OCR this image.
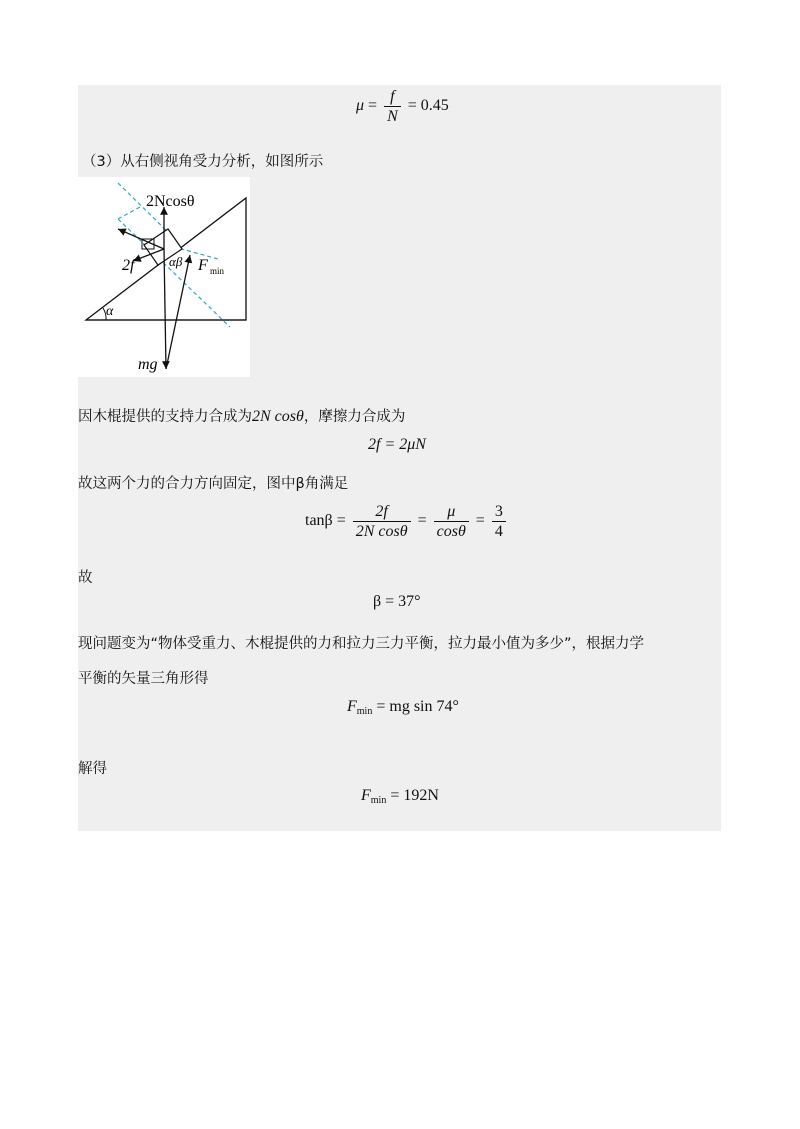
$\mu = \frac{f}{N} = 0.45$
（3）从右侧视角受力分析，如图所示
2Ncosθ
2f	αβ F min
α
mg
因木棍提供的支持力合成为2N cosθ，摩擦力合成为
2f = 2μN
故这两个力的合力方向固定，图中β角满足
$\tan\beta = \frac{2f}{\text{2N cosθ}} = \frac{\mu}{\cos\theta} = \frac{3}{4}$
故
β = 37°
现问题变为“物体受重力、木棍提供的力和拉力三力平衡，拉力最小值为多少”，根据力学
平衡的矢量三角形得
$F_{min}$ = mg sin 74°
解得
$F_{min} = 192N$
